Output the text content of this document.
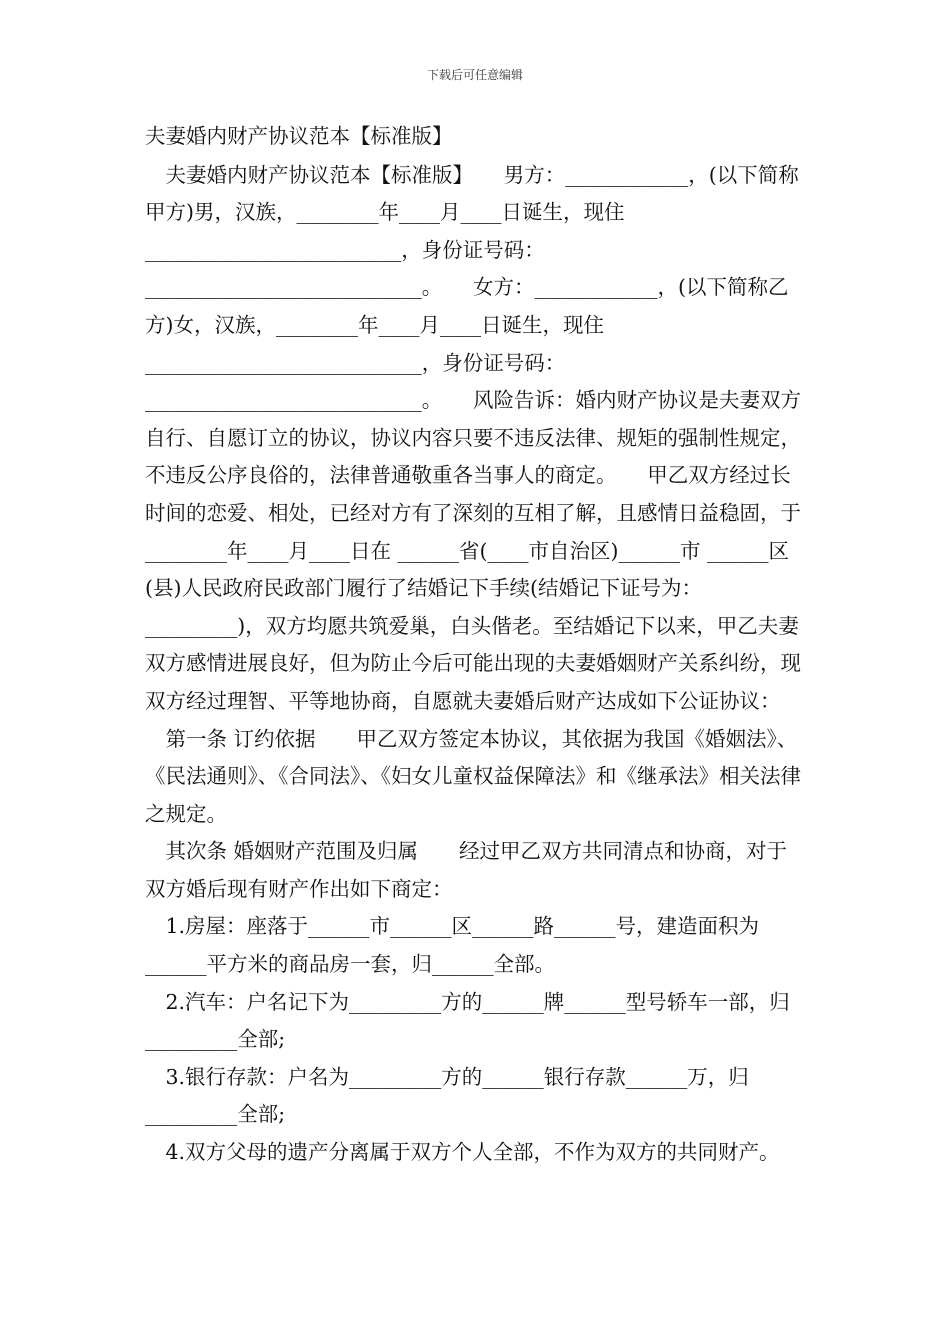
下载后可任意编辑

夫妻婚内财产协议范本【标准版】

　夫妻婚内财产协议范本【标准版】　　男方：____________，(以下简称甲方)男，汉族，________年____月____日诞生，现住_________________________，身份证号码：___________________________。　　女方：____________，(以下简称乙方)女，汉族，________年____月____日诞生，现住___________________________，身份证号码：___________________________。　　风险告诉：婚内财产协议是夫妻双方自行、自愿订立的协议，协议内容只要不违反法律、规矩的强制性规定，不违反公序良俗的，法律普通敬重各当事人的商定。　　甲乙双方经过长时间的恋爱、相处，已经对方有了深刻的互相了解，且感情日益稳固，于________年____月____日在 ______省(____市自治区)______市 ______区(县)人民政府民政部门履行了结婚记下手续(结婚记下证号为：_________)，双方均愿共筑爱巢，白头偕老。至结婚记下以来，甲乙夫妻双方感情进展良好，但为防止今后可能出现的夫妻婚姻财产关系纠纷，现双方经过理智、平等地协商，自愿就夫妻婚后财产达成如下公证协议：

　第一条 订约依据　　甲乙双方签定本协议，其依据为我国《婚姻法》、《民法通则》、《合同法》、《妇女儿童权益保障法》和《继承法》相关法律之规定。

　其次条 婚姻财产范围及归属　　经过甲乙双方共同清点和协商，对于双方婚后现有财产作出如下商定：

　1.房屋：座落于______市______区______路______号，建造面积为______平方米的商品房一套，归______全部。

　2.汽车：户名记下为_________方的______牌______型号轿车一部，归_________全部;

　3.银行存款：户名为_________方的______银行存款______万，归_________全部;

　4.双方父母的遗产分离属于双方个人全部，不作为双方的共同财产。
